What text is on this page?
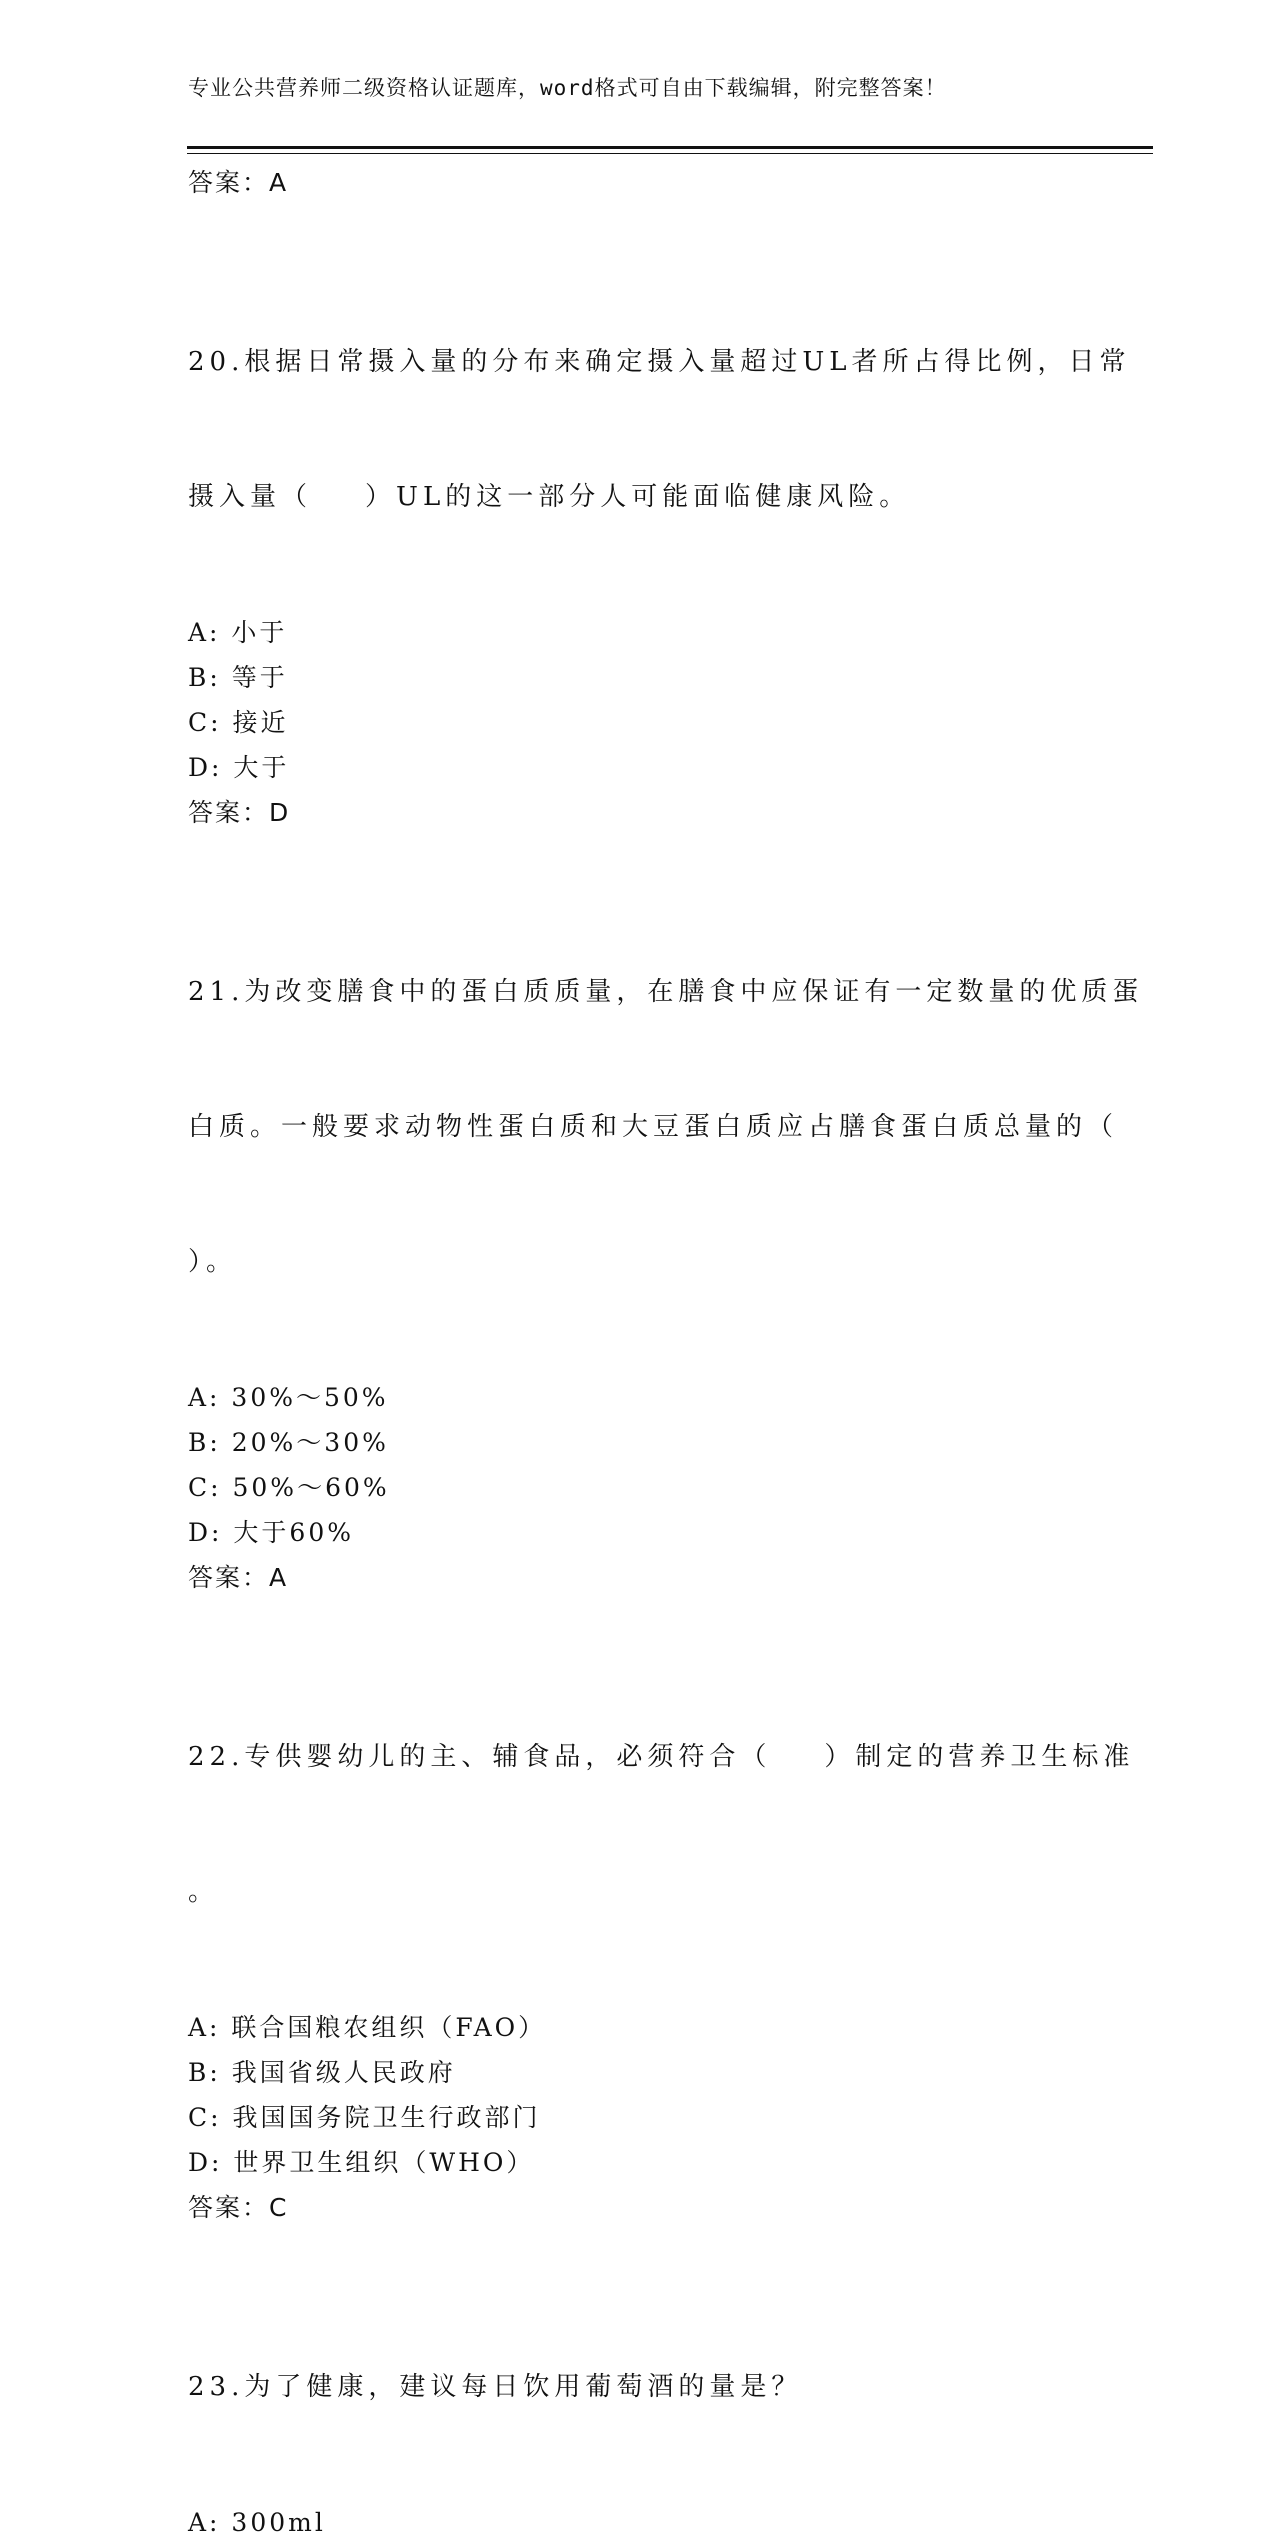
专业公共营养师二级资格认证题库，word格式可自由下载编辑，附完整答案！
答案：A

20.根据日常摄入量的分布来确定摄入量超过UL者所占得比例，日常

摄入量（    ）UL的这一部分人可能面临健康风险。

A: 小于
B: 等于
C: 接近
D: 大于
答案：D

21.为改变膳食中的蛋白质质量，在膳食中应保证有一定数量的优质蛋

白质。一般要求动物性蛋白质和大豆蛋白质应占膳食蛋白质总量的（

）。

A: 30%～50%
B: 20%～30%
C: 50%～60%
D: 大于60%
答案：A

22.专供婴幼儿的主、辅食品，必须符合（    ）制定的营养卫生标准

。

A: 联合国粮农组织（FAO）
B: 我国省级人民政府
C: 我国国务院卫生行政部门
D: 世界卫生组织（WHO）
答案：C

23.为了健康，建议每日饮用葡萄酒的量是？

A: 300ml
